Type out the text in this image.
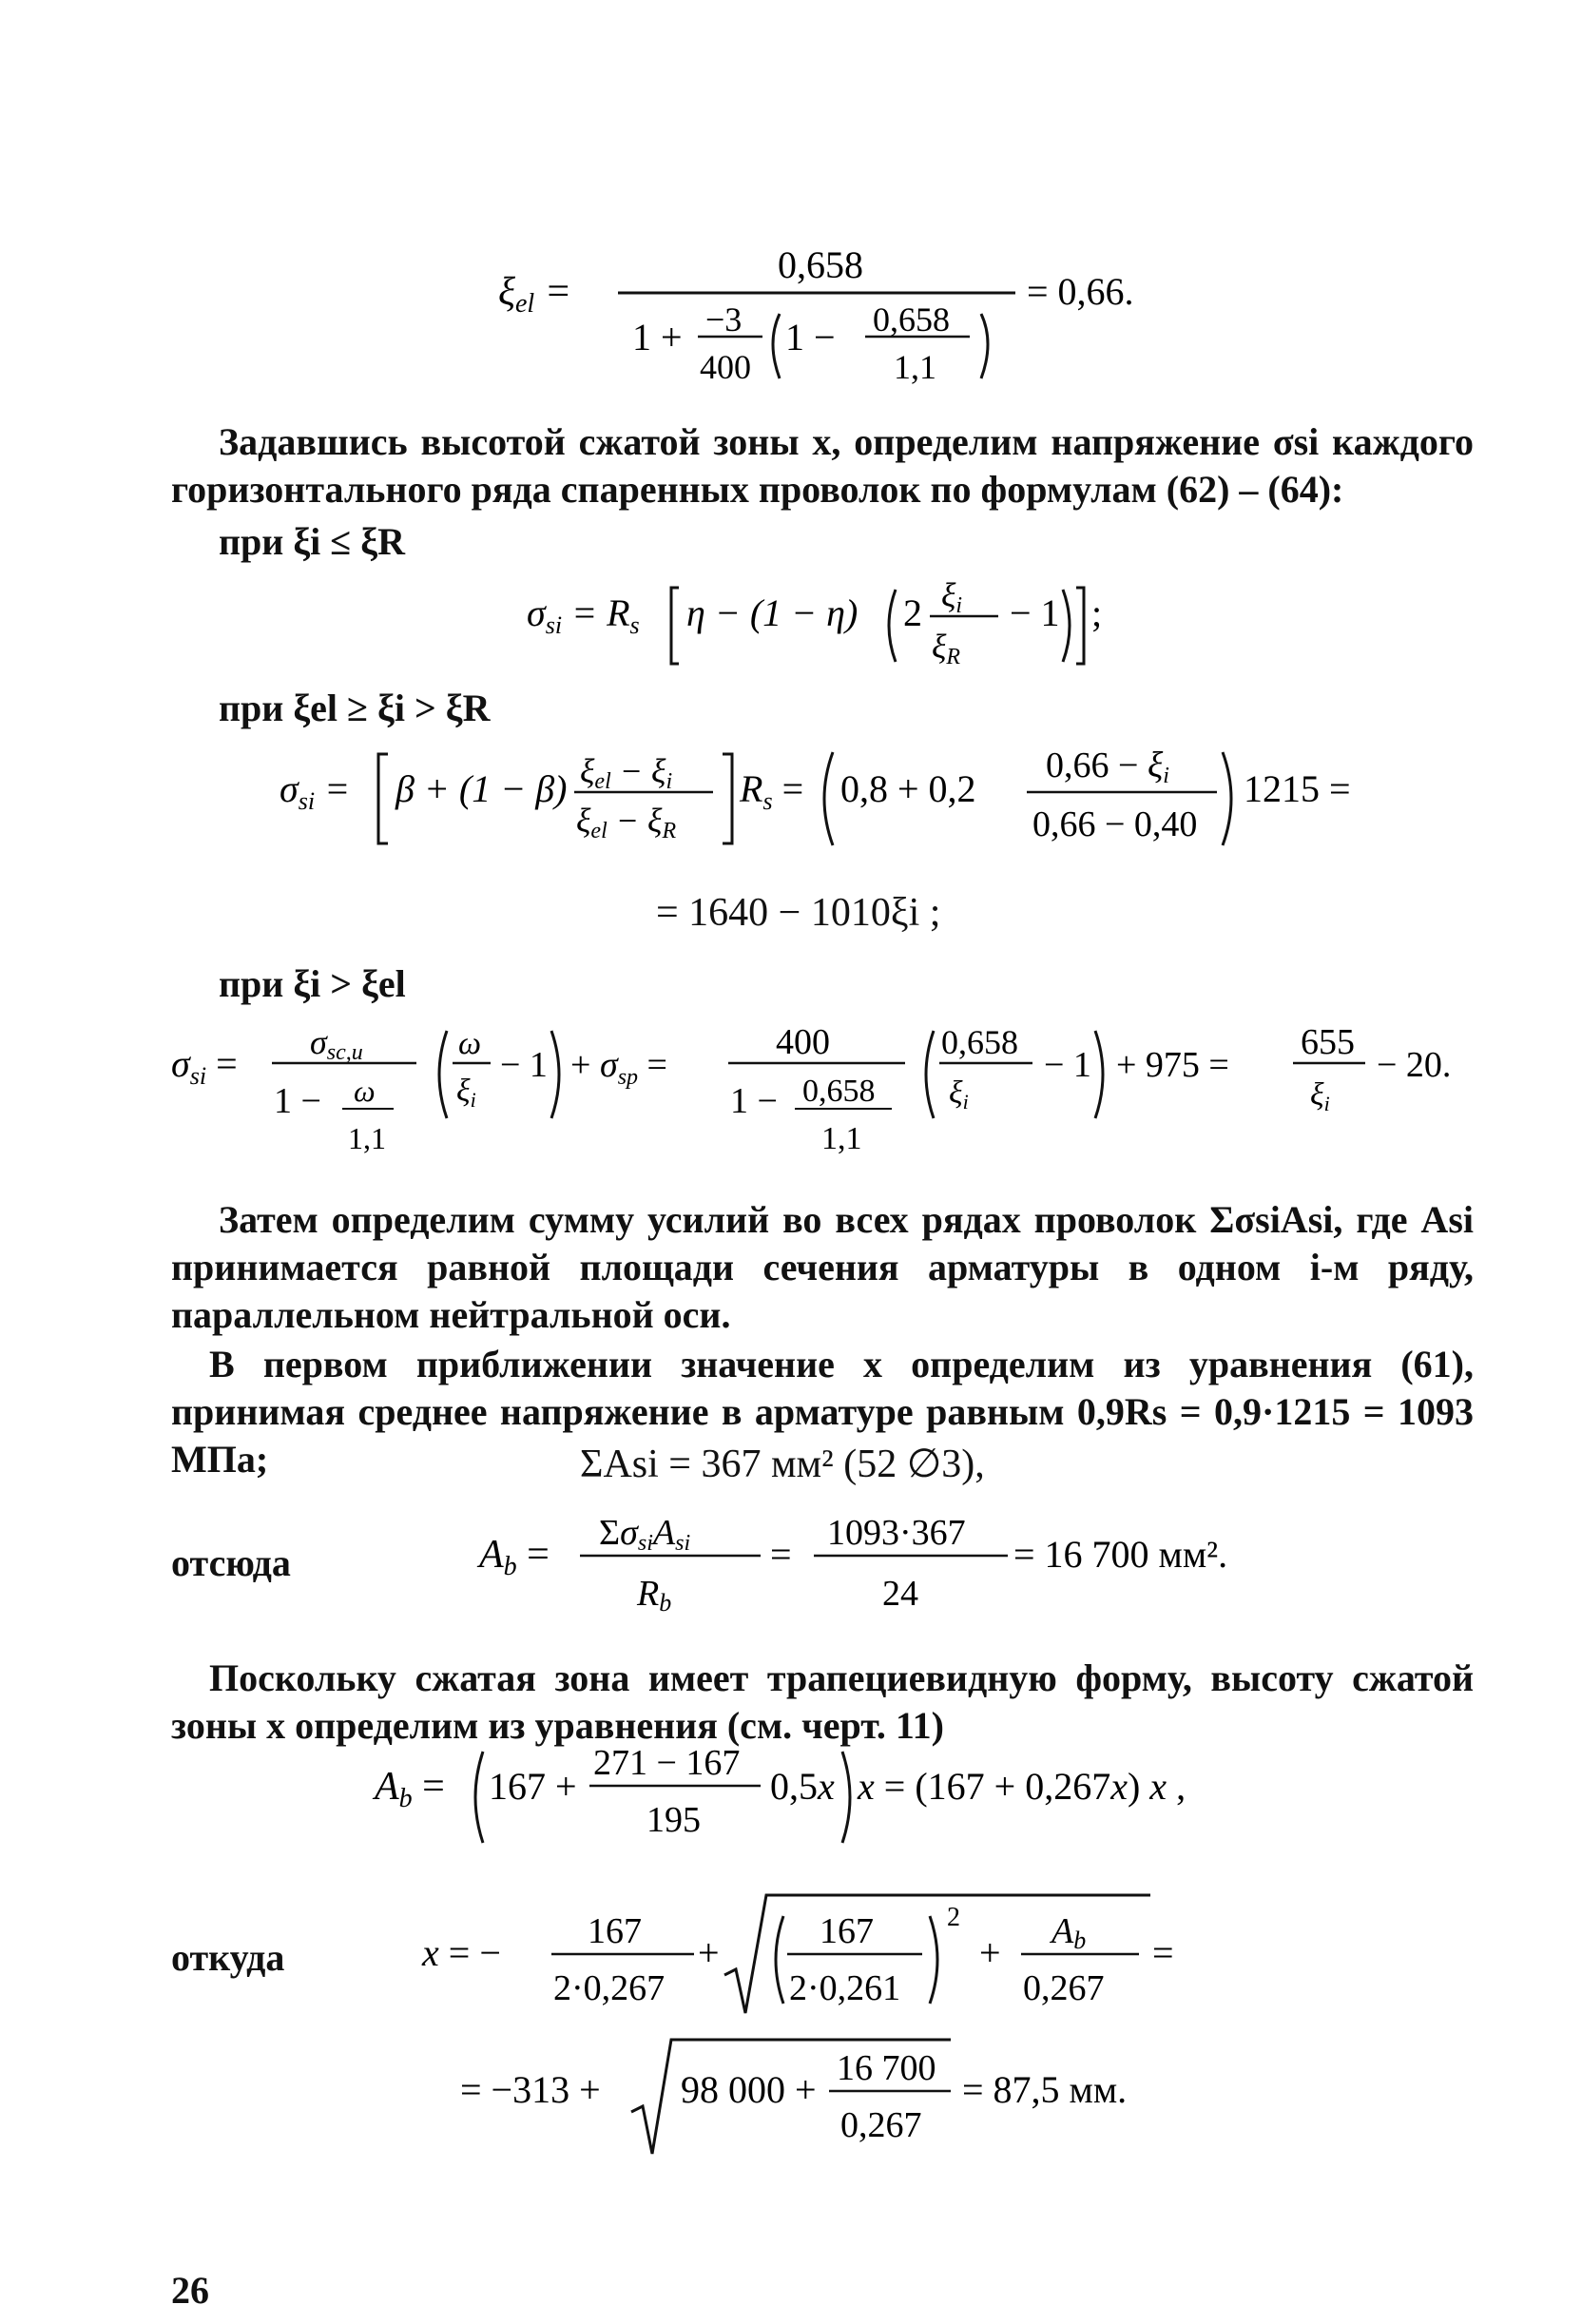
ξel =
0,658
1 + −3
400
1 − 0,658
1,1
= 0,66.
Задавшись высотой сжатой зоны x, определим напряжение σsi каждого горизонтального ряда спаренных проволок по формулам (62) – (64):
при ξi ≤ ξR
$\sigma_{si} = R_s$ η − (1 − η) 2 ξi
ξR
− 1 ;
при ξel ≥ ξi > ξR
$\sigma_{si} = \beta + (1 - \beta) \xi el - \xi i$
ξel − ξR
$R_s = 0,8 + 0,2$
0,66 − ξi
0,66 − 0,40
1215 =
= 1640 − 1010ξi ;
при ξi > ξel
$\sigma_{si} = \sigma sc,u$
1 − ω
1,1
ω
ξi
− $1 + \sigma_{sp}$ =
400
1 − 0,658
1,1
0,658
ξi
− 1 + 975 =
655
ξi
− 20.
Затем определим сумму усилий во всех рядах проволок ΣσsiAsi, где Asi принимается равной площади сечения арматуры в одном i-м ряду, параллельном нейтральной оси.
В первом приближении значение x определим из уравнения (61), принимая среднее напряжение в арматуре равным 0,9Rs = 0,9·1215 = 1093 МПа;	ΣAsi = 367 мм² (52 ∅3),
отсюда	Ab = ΣσsiAsi
Rb
= 1093·367
24
= 16 700 мм².
Поскольку сжатая зона имеет трапециевидную форму, высоту сжатой зоны x определим из уравнения (см. черт. 11)
Ab = 167 +
271 − 167
195
0,5x x = (167 + 0,267x) x ,
откуда	x = − 167
2·0,267
+	167
2·0,261
2
+ Ab
0,267
=
= −313 + 98 000 + 16 700
0,267
= 87,5 мм.
26
